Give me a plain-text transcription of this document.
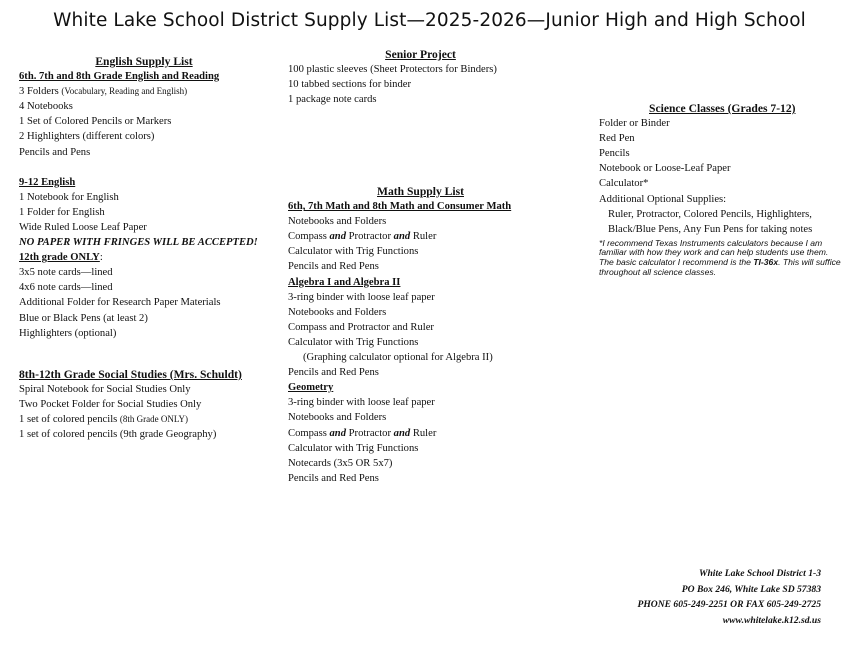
White Lake School District Supply List—2025-2026—Junior High and High School
English Supply List
6th. 7th and 8th Grade English and Reading
3 Folders (Vocabulary, Reading and English)
4 Notebooks
1 Set of Colored Pencils or Markers
2 Highlighters (different colors)
Pencils and Pens
9-12 English
1 Notebook for English
1 Folder for English
Wide Ruled Loose Leaf Paper
NO PAPER WITH FRINGES WILL BE ACCEPTED!
12th grade ONLY:
3x5 note cards—lined
4x6 note cards—lined
Additional Folder for Research Paper Materials
Blue or Black Pens (at least 2)
Highlighters (optional)
8th-12th Grade Social Studies (Mrs. Schuldt)
Spiral Notebook for Social Studies Only
Two Pocket Folder for Social Studies Only
1 set of colored pencils (8th Grade ONLY)
1 set of colored pencils (9th grade Geography)
Senior Project
100 plastic sleeves (Sheet Protectors for Binders)
10 tabbed sections for binder
1 package note cards
Math Supply List
6th, 7th Math and 8th Math and Consumer Math
Notebooks and Folders
Compass and Protractor and Ruler
Calculator with Trig Functions
Pencils and Red Pens
Algebra I and Algebra II
3-ring binder with loose leaf paper
Notebooks and Folders
Compass and Protractor and Ruler
Calculator with Trig Functions
(Graphing calculator optional for Algebra II)
Pencils and Red Pens
Geometry
3-ring binder with loose leaf paper
Notebooks and Folders
Compass and Protractor and Ruler
Calculator with Trig Functions
Notecards (3x5 OR 5x7)
Pencils and Red Pens
Science Classes (Grades 7-12)
Folder or Binder
Red Pen
Pencils
Notebook or Loose-Leaf Paper
Calculator*
Additional Optional Supplies:
Ruler, Protractor, Colored Pencils, Highlighters,
Black/Blue Pens, Any Fun Pens for taking notes
*I recommend Texas Instruments calculators because I am familiar with how they work and can help students use them. The basic calculator I recommend is the TI-36x. This will suffice throughout all science classes.
White Lake School District 1-3
PO Box 246, White Lake SD 57383
PHONE 605-249-2251 OR FAX 605-249-2725
www.whitelake.k12.sd.us
